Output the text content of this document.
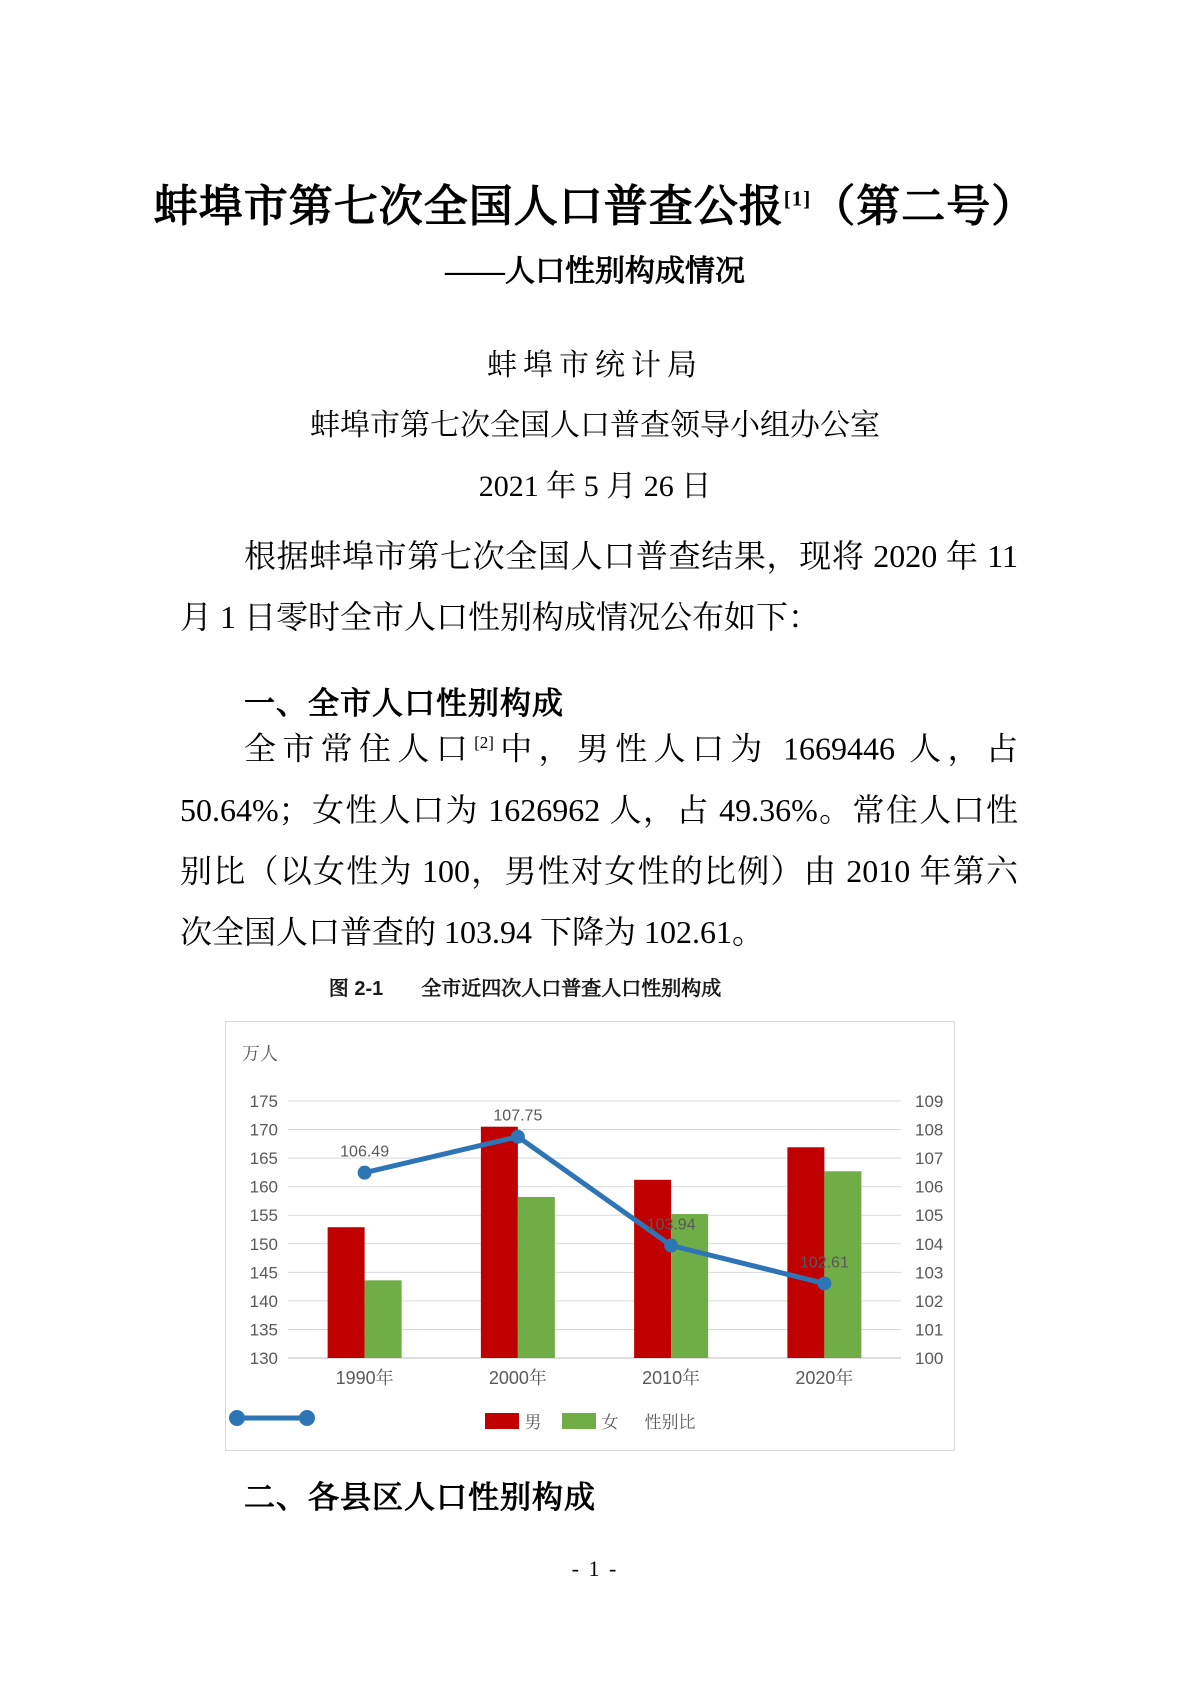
蚌埠市第七次全国人口普查公报[1]（第二号）
——人口性别构成情况
蚌埠市统计局
蚌埠市第七次全国人口普查领导小组办公室
2021 年 5 月 26 日
根据蚌埠市第七次全国人口普查结果，现将 2020 年 11 月 1 日零时全市人口性别构成情况公布如下：
一、全市人口性别构成
全市常住人口[2]中，男性人口为 1669446 人，占 50.64%；女性人口为 1626962 人，占 49.36%。常住人口性别比（以女性为 100，男性对女性的比例）由 2010 年第六次全国人口普查的 103.94 下降为 102.61。
图 2-1 全市近四次人口普查人口性别构成
130
135
140
145
150
155
160
165
170
175
100
101
102
103
104
105
106
107
108
109
万人
1990年	2000年	2010年	2020年
106.49
107.75
103.94
102.61
男	女 性别比
二、各县区人口性别构成
- 1 -
